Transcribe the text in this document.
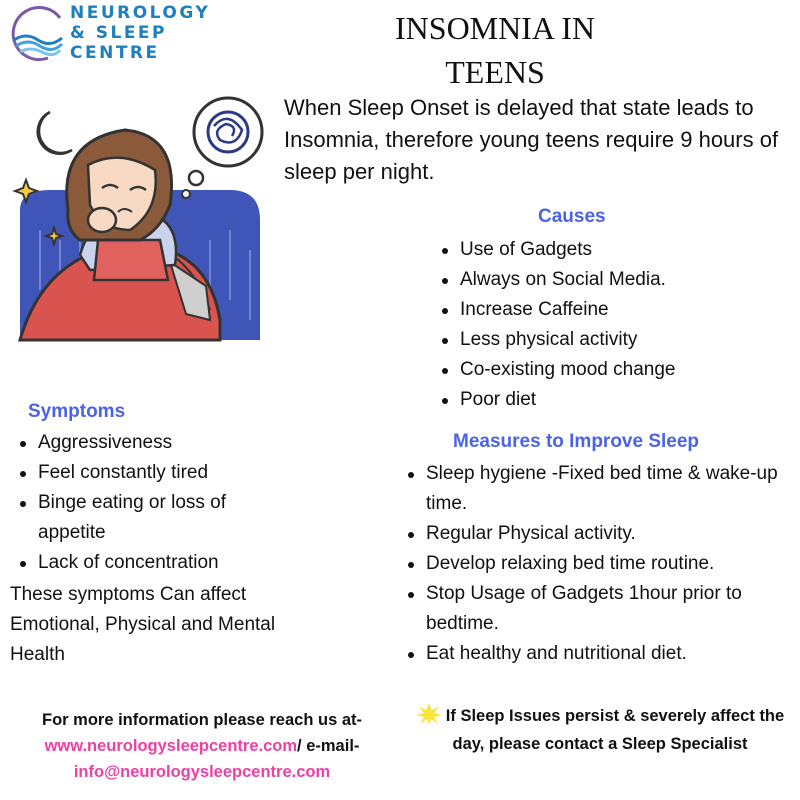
NEUROLOGY
& SLEEP
CENTRE
INSOMNIA IN
TEENS
When Sleep Onset is delayed that state leads to Insomnia, therefore young teens require 9 hours of sleep per night.
Causes
Use of Gadgets
Always on Social Media.
Increase Caffeine
Less physical activity
Co-existing mood change
Poor diet
Symptoms
Aggressiveness
Feel constantly tired
Binge eating or loss of appetite
Lack of concentration
These symptoms Can affect Emotional, Physical and Mental Health
Measures to Improve Sleep
Sleep hygiene -Fixed bed time & wake-up time.
Regular Physical activity.
Develop relaxing bed time routine.
Stop Usage of Gadgets 1hour prior to bedtime.
Eat healthy and nutritional diet.
For more information please reach us at-
www.neurologysleepcentre.com/ e-mail-
info@neurologysleepcentre.com
If Sleep Issues persist & severely affect the day, please contact a Sleep Specialist
